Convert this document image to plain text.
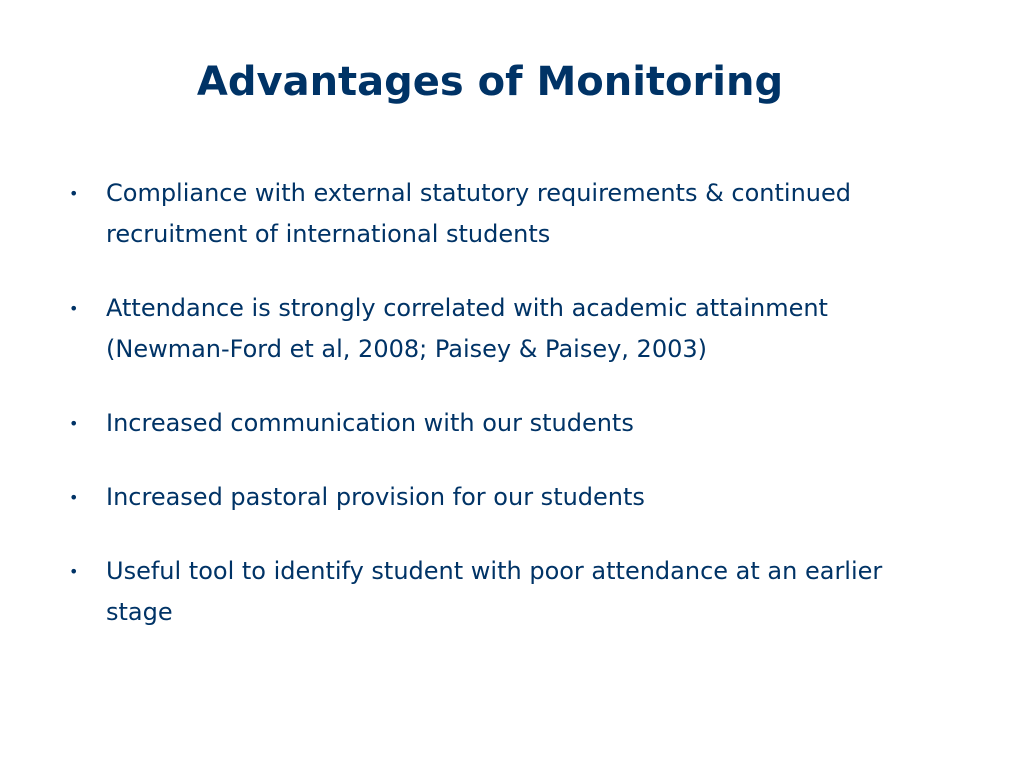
Advantages of Monitoring
• Compliance with external statutory requirements & continued recruitment of international students
• Attendance is strongly correlated with academic attainment (Newman-Ford et al, 2008; Paisey & Paisey, 2003)
• Increased communication with our students
• Increased pastoral provision for our students
• Useful tool to identify student with poor attendance at an earlier stage
